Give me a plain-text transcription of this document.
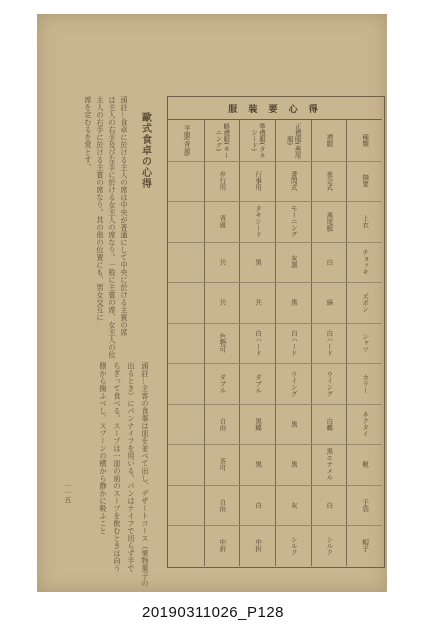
歐式食卓の心得
頭註…食卓に於ける主人の席は中央が普通にして中央に於ける主賓の席
は主人の右手及び左手に於ける女主人の席なり。一般に主賓の席、女主人の位
主人の右手に於ける主賓の席なり。其の他の位置にも、男女交互に
席を定むるを常とす。
頭註…主客の食事は皿を並べて出し、デザートコース（果物菓子の
出るとき）にパンナイフを用いる。パンはナイフで切らず手で
ちぎって食べる。スープは一皿の前のスープを飲むときは向う
側から掬ふべし、スプーンの横から静かに吸ふこと
一一五
服 装 要 心 得
種類
禮服
正禮服(燕尾服)
準禮服(タキシード)
略禮服(モーニング)
平服(背廣)
摘要
夜会式
晝間式
行事用
步行用
上衣
燕尾服
モーニング
タキシード
背廣
チョッキ
白
灰黑
黒
共
ズボン
縞
黒
共
共
シャツ
白ハード
白ハード
白ハード
色物可
カラー
ウイング
ウイング
ダブル
ダブル
ネクタイ
白蝶
黒
黒蝶
自由
靴
黒エナメル
黒
黒
茶可
手袋
白
灰
白
自由
帽子
シルク
シルク
中折
中折
20190311026_P128
